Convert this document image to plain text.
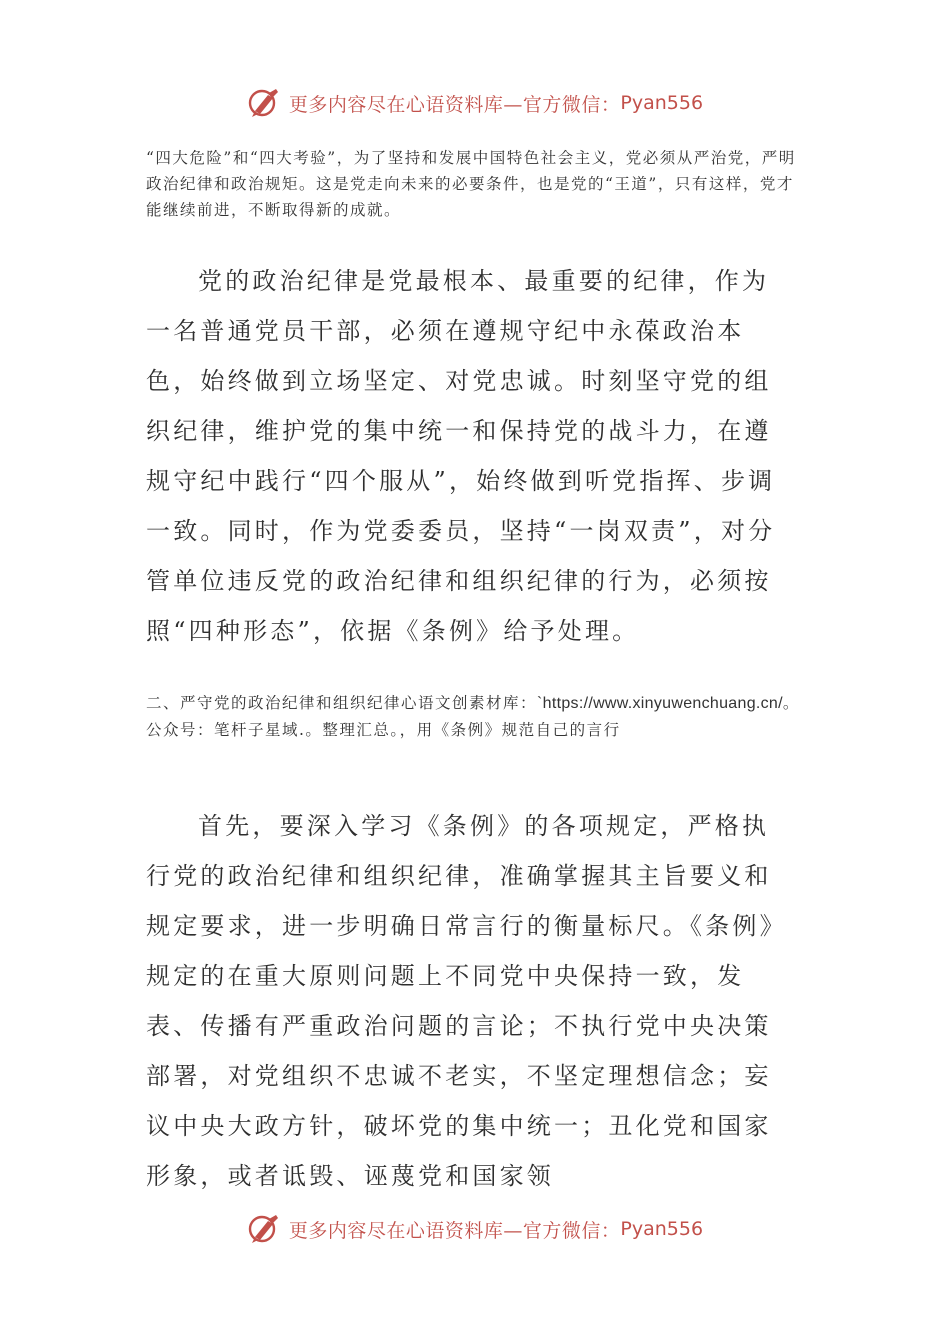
更多内容尽在心语资料库—官方微信： Pyan556

“四大危险”和“四大考验”，为了坚持和发展中国特色社会主义，党必须从严治党，严明政治纪律和政治规矩。这是党走向未来的必要条件，也是党的“王道”，只有这样，党才能继续前进，不断取得新的成就。

党的政治纪律是党最根本、最重要的纪律，作为一名普通党员干部，必须在遵规守纪中永葆政治本色，始终做到立场坚定、对党忠诚。时刻坚守党的组织纪律，维护党的集中统一和保持党的战斗力，在遵规守纪中践行“四个服从”，始终做到听党指挥、步调一致。同时，作为党委委员，坚持“一岗双责”，对分管单位违反党的政治纪律和组织纪律的行为，必须按照“四种形态”，依据《条例》给予处理。

二、严守党的政治纪律和组织纪律心语文创素材库：`https://www.xinyuwenchuang.cn/。公众号：笔杆子星域.。整理汇总。，用《条例》规范自己的言行

首先，要深入学习《条例》的各项规定，严格执行党的政治纪律和组织纪律，准确掌握其主旨要义和规定要求，进一步明确日常言行的衡量标尺。《条例》规定的在重大原则问题上不同党中央保持一致，发表、传播有严重政治问题的言论；不执行党中央决策部署，对党组织不忠诚不老实，不坚定理想信念；妄议中央大政方针，破坏党的集中统一；丑化党和国家形象，或者诋毁、诬蔑党和国家领

更多内容尽在心语资料库—官方微信： Pyan556
